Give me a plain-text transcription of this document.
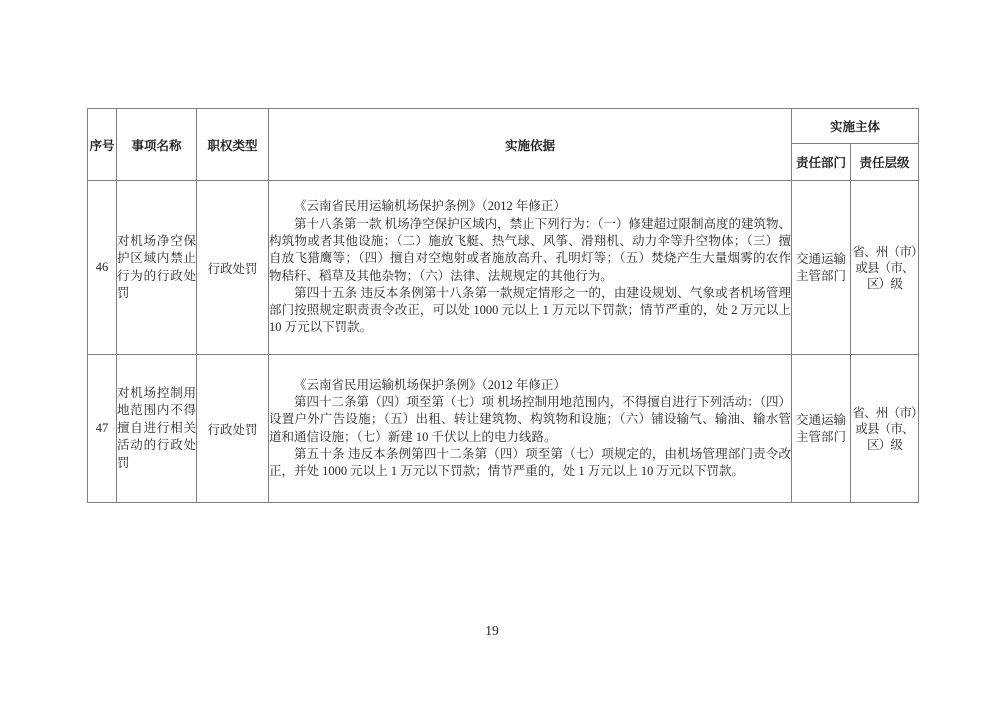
序号	事项名称	职权类型	实施依据	实施主体	
				责任部门	责任层级
46	对机场净空保护区域内禁止行为的行政处罚	行政处罚	《云南省民用运输机场保护条例》（2012 年修正）

第十八条第一款 机场净空保护区域内，禁止下列行为：（一）修建超过限制高度的建筑物、构筑物或者其他设施；（二）施放飞艇、热气球、风筝、滑翔机、动力伞等升空物体；（三）擅自放飞猎鹰等；（四）擅自对空炮射或者施放高升、孔明灯等；（五）焚烧产生大量烟雾的农作物秸秆、稻草及其他杂物；（六）法律、法规规定的其他行为。

第四十五条 违反本条例第十八条第一款规定情形之一的，由建设规划、气象或者机场管理部门按照规定职责责令改正，可以处 1000 元以上 1 万元以下罚款；情节严重的，处 2 万元以上 10 万元以下罚款。	交通运输主管部门	省、州（市）或县（市、区）级
47	对机场控制用地范围内不得擅自进行相关活动的行政处罚	行政处罚	《云南省民用运输机场保护条例》（2012 年修正）

第四十二条第（四）项至第（七）项 机场控制用地范围内，不得擅自进行下列活动：（四）设置户外广告设施；（五）出租、转让建筑物、构筑物和设施；（六）铺设输气、输油、输水管道和通信设施；（七）新建 10 千伏以上的电力线路。

第五十条 违反本条例第四十二条第（四）项至第（七）项规定的，由机场管理部门责令改正，并处 1000 元以上 1 万元以下罚款；情节严重的，处 1 万元以上 10 万元以下罚款。	交通运输主管部门	省、州（市）或县（市、区）级
19
